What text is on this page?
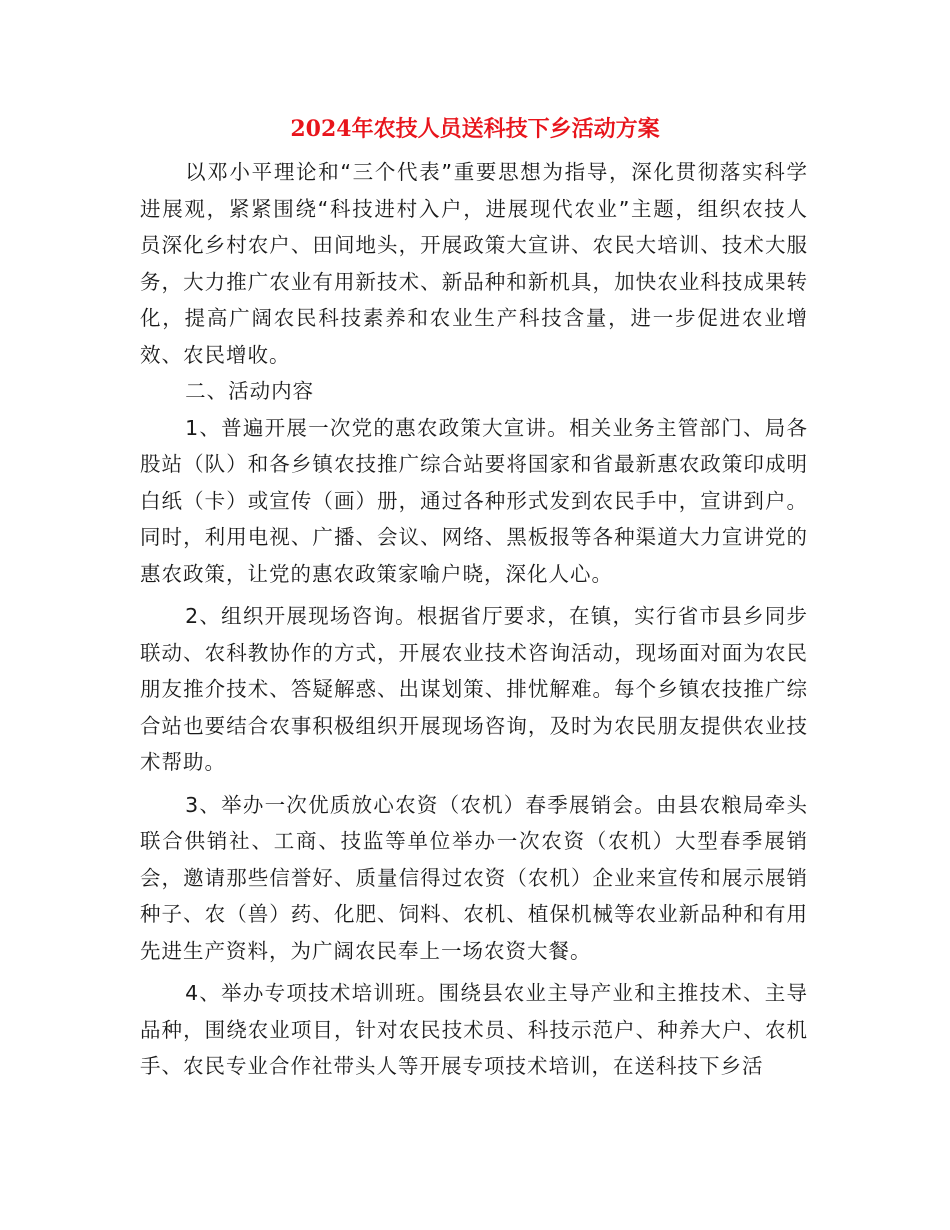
2024年农技人员送科技下乡活动方案

以邓小平理论和“三个代表”重要思想为指导，深化贯彻落实科学进展观，紧紧围绕“科技进村入户，进展现代农业”主题，组织农技人员深化乡村农户、田间地头，开展政策大宣讲、农民大培训、技术大服务，大力推广农业有用新技术、新品种和新机具，加快农业科技成果转化，提高广阔农民科技素养和农业生产科技含量，进一步促进农业增效、农民增收。

二、活动内容

1、普遍开展一次党的惠农政策大宣讲。相关业务主管部门、局各股站（队）和各乡镇农技推广综合站要将国家和省最新惠农政策印成明白纸（卡）或宣传（画）册，通过各种形式发到农民手中，宣讲到户。同时，利用电视、广播、会议、网络、黑板报等各种渠道大力宣讲党的惠农政策，让党的惠农政策家喻户晓，深化人心。

2、组织开展现场咨询。根据省厅要求，在镇，实行省市县乡同步联动、农科教协作的方式，开展农业技术咨询活动，现场面对面为农民朋友推介技术、答疑解惑、出谋划策、排忧解难。每个乡镇农技推广综合站也要结合农事积极组织开展现场咨询，及时为农民朋友提供农业技术帮助。

3、举办一次优质放心农资（农机）春季展销会。由县农粮局牵头联合供销社、工商、技监等单位举办一次农资（农机）大型春季展销会，邀请那些信誉好、质量信得过农资（农机）企业来宣传和展示展销种子、农（兽）药、化肥、饲料、农机、植保机械等农业新品种和有用先进生产资料，为广阔农民奉上一场农资大餐。

4、举办专项技术培训班。围绕县农业主导产业和主推技术、主导品种，围绕农业项目，针对农民技术员、科技示范户、种养大户、农机手、农民专业合作社带头人等开展专项技术培训，在送科技下乡活
